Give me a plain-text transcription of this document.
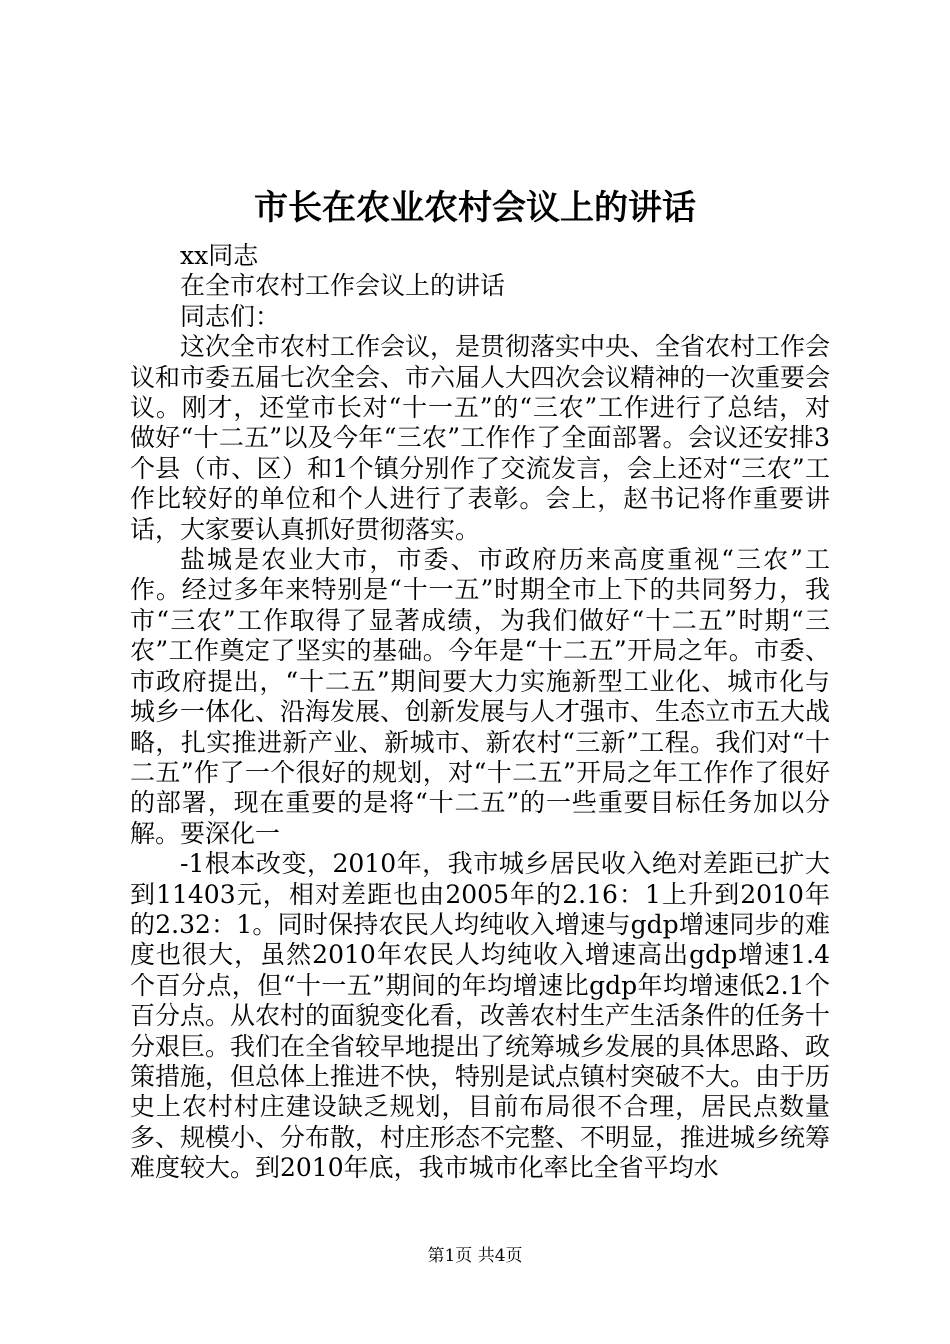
市长在农业农村会议上的讲话

xx同志

在全市农村工作会议上的讲话

同志们：

这次全市农村工作会议，是贯彻落实中央、全省农村工作会议和市委五届七次全会、市六届人大四次会议精神的一次重要会议。刚才，还堂市长对“十一五”的“三农”工作进行了总结，对做好“十二五”以及今年“三农”工作作了全面部署。会议还安排3个县（市、区）和1个镇分别作了交流发言，会上还对“三农”工作比较好的单位和个人进行了表彰。会上，赵书记将作重要讲话，大家要认真抓好贯彻落实。

盐城是农业大市，市委、市政府历来高度重视“三农”工作。经过多年来特别是“十一五”时期全市上下的共同努力，我市“三农”工作取得了显著成绩，为我们做好“十二五”时期“三农”工作奠定了坚实的基础。今年是“十二五”开局之年。市委、市政府提出，“十二五”期间要大力实施新型工业化、城市化与城乡一体化、沿海发展、创新发展与人才强市、生态立市五大战略，扎实推进新产业、新城市、新农村“三新”工程。我们对“十二五”作了一个很好的规划，对“十二五”开局之年工作作了很好的部署，现在重要的是将“十二五”的一些重要目标任务加以分解。要深化一

-1根本改变，2010年，我市城乡居民收入绝对差距已扩大到11403元，相对差距也由2005年的2.16：1上升到2010年的2.32：1。同时保持农民人均纯收入增速与gdp增速同步的难度也很大，虽然2010年农民人均纯收入增速高出gdp增速1.4个百分点，但“十一五”期间的年均增速比gdp年均增速低2.1个百分点。从农村的面貌变化看，改善农村生产生活条件的任务十分艰巨。我们在全省较早地提出了统筹城乡发展的具体思路、政策措施，但总体上推进不快，特别是试点镇村突破不大。由于历史上农村村庄建设缺乏规划，目前布局很不合理，居民点数量多、规模小、分布散，村庄形态不完整、不明显，推进城乡统筹难度较大。到2010年底，我市城市化率比全省平均水

第1页 共4页
